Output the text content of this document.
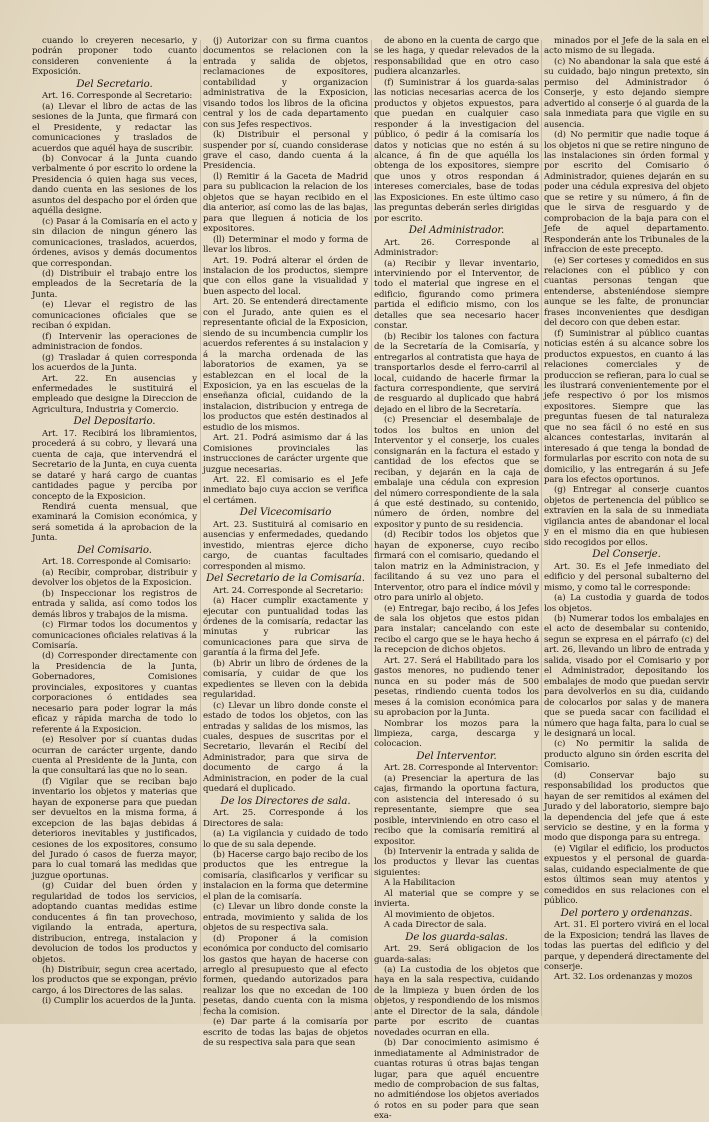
cuando lo creyeren necesario, y podrán proponer todo cuanto consideren conveniente á la Exposición.

Del Secretario.

Art. 16. Corresponde al Secretario:

(a) Llevar el libro de actas de las sesiones de la Junta, que firmará con el Presidente, y redactar las comunicaciones y traslados de acuerdos que aquél haya de suscribir.

(b) Convocar á la Junta cuando verbalmente ó por escrito lo ordene la Presidencia ó quien haga sus veces, dando cuenta en las sesiones de los asuntos del despacho por el órden que aquélla designe.

(c) Pasar á la Comisaría en el acto y sin dilacion de ningun género las comunicaciones, traslados, acuerdos, órdenes, avisos y demás documentos que correspondan.

(d) Distribuir el trabajo entre los empleados de la Secretaría de la Junta.

(e) Llevar el registro de las comunicaciones oficiales que se reciban ó expidan.

(f) Intervenir las operaciones de administracion de fondos.

(g) Trasladar á quien corresponda los acuerdos de la Junta.

Art. 22. En ausencias y enfermedades le sustituirá el empleado que designe la Direccion de Agricultura, Industria y Comercio.

Del Depositario.

Art. 17. Recibirá los libramientos, procederá á su cobro, y llevará una cuenta de caja, que intervendrá el Secretario de la Junta, en cuya cuenta se dataré y hará cargo de cuantas cantidades pague y perciba por concepto de la Exposicion.

Rendirá cuenta mensual, que examinará la Comision económica, y será sometida á la aprobacion de la Junta.

Del Comisario.

Art. 18. Corresponde al Comisario:

(a) Recibir, comprobar, distribuir y devolver los objetos de la Exposicion.

(b) Inspeccionar los registros de entrada y salida, así como todos los demás libros y trabajos de la misma.

(c) Firmar todos los documentos y comunicaciones oficiales relativas á la Comisaría.

(d) Corresponder directamente con la Presidencia de la Junta, Gobernadores, Comisiones provinciales, expositores y cuantas corporaciones ó entidades sea necesario para poder lograr la más eficaz y rápida marcha de todo lo referente á la Exposicion.

(e) Resolver por sí cuantas dudas ocurran de carácter urgente, dando cuenta al Presidente de la Junta, con la que consultará las que no lo sean.

(f) Vigilar que se reciban bajo inventario los objetos y materias que hayan de exponerse para que puedan ser devueltos en la misma forma, á excepcion de las bajas debidas á deterioros inevitables y justificados, cesiones de los expositores, consumo del Jurado ó casos de fuerza mayor, para lo cual tomará las medidas que juzgue oportunas.

(g) Cuidar del buen órden y regularidad de todos los servicios, adoptando cuantas medidas estime conducentes á fin tan provechoso, vigilando la entrada, apertura, distribucion, entrega, instalacion y devolucion de todos los productos y objetos.

(h) Distribuir, segun crea acertado, los productos que se expongan, prévio cargo, á los Directores de las salas.

(i) Cumplir los acuerdos de la Junta.

(j) Autorizar con su firma cuantos documentos se relacionen con la entrada y salida de objetos, reclamaciones de expositores, contabilidad y organizacion administrativa de la Exposicion, visando todos los libros de la oficina central y los de cada departamento con sus Jefes respectivos.

(k) Distribuir el personal y suspender por sí, cuando considerase grave el caso, dando cuenta á la Presidencia.

(l) Remitir á la Gaceta de Madrid para su publicacion la relacion de los objetos que se hayan recibido en el dia anterior, así como las de las bajas, para que lleguen á noticia de los expositores.

(ll) Determinar el modo y forma de llevar los libros.

Art. 19. Podrá alterar el órden de instalacion de los productos, siempre que con ellos gane la visualidad y buen aspecto del local.

Art. 20. Se entenderá directamente con el Jurado, ante quien es el representante oficial de la Exposicion, siendo de su incumbencia cumplir los acuerdos referentes á su instalacion y á la marcha ordenada de las laboratorios de examen, ya se establezcan en el local de la Exposicion, ya en las escuelas de la enseñanza oficial, cuidando de la instalacion, distribucion y entrega de los productos que estén destinados al estudio de los mismos.

Art. 21. Podrá asimismo dar á las Comisiones provinciales las instrucciones de carácter urgente que juzgue necesarias.

Art. 22. El comisario es el Jefe inmediato bajo cuya accion se verifica el certámen.

Del Vicecomisario

Art. 23. Sustituirá al comisario en ausencias y enfermedades, quedando investido, mientras ejerce dicho cargo, de cuantas facultades corresponden al mismo.

Del Secretario de la Comisaría.

Art. 24. Corresponde al Secretario:

(a) Hacer cumplir exactamente y ejecutar con puntualidad todas las órdenes de la comisaría, redactar las minutas y rubricar las comunicaciones para que sirva de garantía á la firma del Jefe.

(b) Abrir un libro de órdenes de la comisaría, y cuidar de que los expedientes se lleven con la debida regularidad.

(c) Llevar un libro donde conste el estado de todos los objetos, con las entradas y salidas de los mismos, las cuales, despues de suscritas por el Secretario, llevarán el Recibí del Administrador, para que sirva de documento de cargo á la Administracion, en poder de la cual quedará el duplicado.

De los Directores de sala.

Art. 25. Corresponde á los Directores de sala:

(a) La vigilancia y cuidado de todo lo que de su sala depende.

(b) Hacerse cargo bajo recibo de los productos que les entregue la comisaría, clasificarlos y verificar su instalacion en la forma que determine el plan de la comisaría.

(c) Llevar un libro donde conste la entrada, movimiento y salida de los objetos de su respectiva sala.

(d) Proponer á la comision económica por conducto del comisario los gastos que hayan de hacerse con arreglo al presupuesto que al efecto formen, quedando autorizados para realizar los que no excedan de 100 pesetas, dando cuenta con la misma fecha la comision.

(e) Dar parte á la comisaría por escrito de todas las bajas de objetos de su respectiva sala para que sean

de abono en la cuenta de cargo que se les haga, y quedar relevados de la responsabilidad que en otro caso pudiera alcanzarles.

(f) Suministrar á los guarda-salas las noticias necesarias acerca de los productos y objetos expuestos, para que puedan en cualquier caso responder á la investigacion del público, ó pedir á la comisaría los datos y noticias que no estén á su alcance, á fin de que aquélla los obtenga de los expositores, siempre que unos y otros respondan á intereses comerciales, base de todas las Exposiciones. En este último caso las preguntas deberán serles dirigidas por escrito.

Del Administrador.

Art. 26. Corresponde al Administrador:

(a) Recibir y llevar inventario, interviniendo por el Interventor, de todo el material que ingrese en el edificio, figurando como primera partida el edificio mismo, con los detalles que sea necesario hacer constar.

(b) Recibir los talones con factura de la Secretaría de la Comisaría, y entregarlos al contratista que haya de transportarlos desde el ferro-carril al local, cuidando de hacerle firmar la factura correspondiente, que servirá de resguardo al duplicado que habrá dejado en el libro de la Secretaría.

(c) Presenciar el desembalaje de todos los bultos en union del Interventor y el conserje, los cuales consignarán en la factura el estado y cantidad de los efectos que se reciban, y dejarán en la caja de embalaje una cédula con expresion del número correspondiente de la sala á que esté destinado, su contenido, número de órden, nombre del expositor y punto de su residencia.

(d) Recibir todos los objetos que hayan de exponerse, cuyo recibo firmará con el comisario, quedando el talon matriz en la Administracion, y facilitando á su vez uno para el Interventor, otro para el índice móvil y otro para unirlo al objeto.

(e) Entregar, bajo recibo, á los Jefes de sala los objetos que estos pidan para instalar; cancelando con este recibo el cargo que se le haya hecho á la recepcion de dichos objetos.

Art. 27. Será el Habilitado para los gastos menores, no pudiendo tener nunca en su poder más de 500 pesetas, rindiendo cuenta todos los meses á la comision económica para su aprobacion por la Junta.

Nombrar los mozos para la limpieza, carga, descarga y colocacion.

Del Interventor.

Art. 28. Corresponde al Interventor:

(a) Presenciar la apertura de las cajas, firmando la oportuna factura, con asistencia del interesado ó su representante, siempre que sea posible, interviniendo en otro caso el recibo que la comisaría remitirá al expositor.

(b) Intervenir la entrada y salida de los productos y llevar las cuentas siguientes:

A la Habilitacion

Al material que se compre y se invierta.

Al movimiento de objetos.

A cada Director de sala.

De los guarda-salas.

Art. 29. Será obligacion de los guarda-salas:

(a) La custodia de los objetos que haya en la sala respectiva, cuidando de la limpieza y buen órden de los objetos, y respondiendo de los mismos ante el Director de la sala, dándole parte por escrito de cuantas novedades ocurran en ella.

(b) Dar conocimiento asimismo é inmediatamente al Administrador de cuantas roturas ú otras bajas tengan lugar, para que aquél encuentre medio de comprobacion de sus faltas, no admitiéndose los objetos averiados ó rotos en su poder para que sean exa-

minados por el Jefe de la sala en el acto mismo de su llegada.

(c) No abandonar la sala que esté á su cuidado, bajo ningun pretexto, sin permiso del Administrador ó Conserje, y esto dejando siempre advertido al conserje ó al guarda de la sala inmediata para que vigile en su ausencia.

(d) No permitir que nadie toque á los objetos ni que se retire ninguno de las instalaciones sin órden formal y por escrito del Comisario ó Administrador, quienes dejarán en su poder una cédula expresiva del objeto que se retire y su número, á fin de que le sirva de resguardo y de comprobacion de la baja para con el Jefe de aquel departamento. Responderán ante los Tribunales de la infraccion de este precepto.

(e) Ser corteses y comedidos en sus relaciones con el público y con cuantas personas tengan que entenderse, absteniéndose siempre aunque se les falte, de pronunciar frases inconvenientes que desdigan del decoro con que deben estar.

(f) Suministrar al público cuantas noticias estén á su alcance sobre los productos expuestos, en cuanto á las relaciones comerciales y de produccion se refieran, para lo cual se les ilustrará convenientemente por el jefe respectivo ó por los mismos expositores. Siempre que las preguntas fuesen de tal naturaleza que no sea fácil ó no esté en sus alcances contestarlas, invitarán al interesado á que tenga la bondad de formularlas por escrito con nota de su domicilio, y las entregarán á su Jefe para los efectos oportunos.

(g) Entregar al conserje cuantos objetos de pertenencia del público se extravíen en la sala de su inmediata vigilancia antes de abandonar el local y en el mismo dia en que hubiesen sido recogidos por ellos.

Del Conserje.

Art. 30. Es el Jefe inmediato del edificio y del personal subalterno del mismo, y como tal le corresponde:

(a) La custodia y guarda de todos los objetos.

(b) Numerar todos los embalajes en el acto de desembalar su contenido, segun se expresa en el párrafo (c) del art. 26, llevando un libro de entrada y salida, visado por el Comisario y por el Administrador, depositando los embalajes de modo que puedan servir para devolverlos en su dia, cuidando de colocarlos por salas y de manera que se pueda sacar con facilidad el número que haga falta, para lo cual se le designará un local.

(c) No permitir la salida de producto alguno sin órden escrita del Comisario.

(d) Conservar bajo su responsabilidad los productos que hayan de ser remitidos al exámen del Jurado y del laboratorio, siempre bajo la dependencia del jefe que á este servicio se destine, y en la forma y modo que disponga para su entrega.

(e) Vigilar el edificio, los productos expuestos y el personal de guarda-salas, cuidando especialmente de que estos últimos sean muy atentos y comedidos en sus relaciones con el público.

Del portero y ordenanzas.

Art. 31. El portero vivirá en el local de la Exposicion; tendrá las llaves de todas las puertas del edificio y del parque, y dependerá directamente del conserje.

Art. 32. Los ordenanzas y mozos
